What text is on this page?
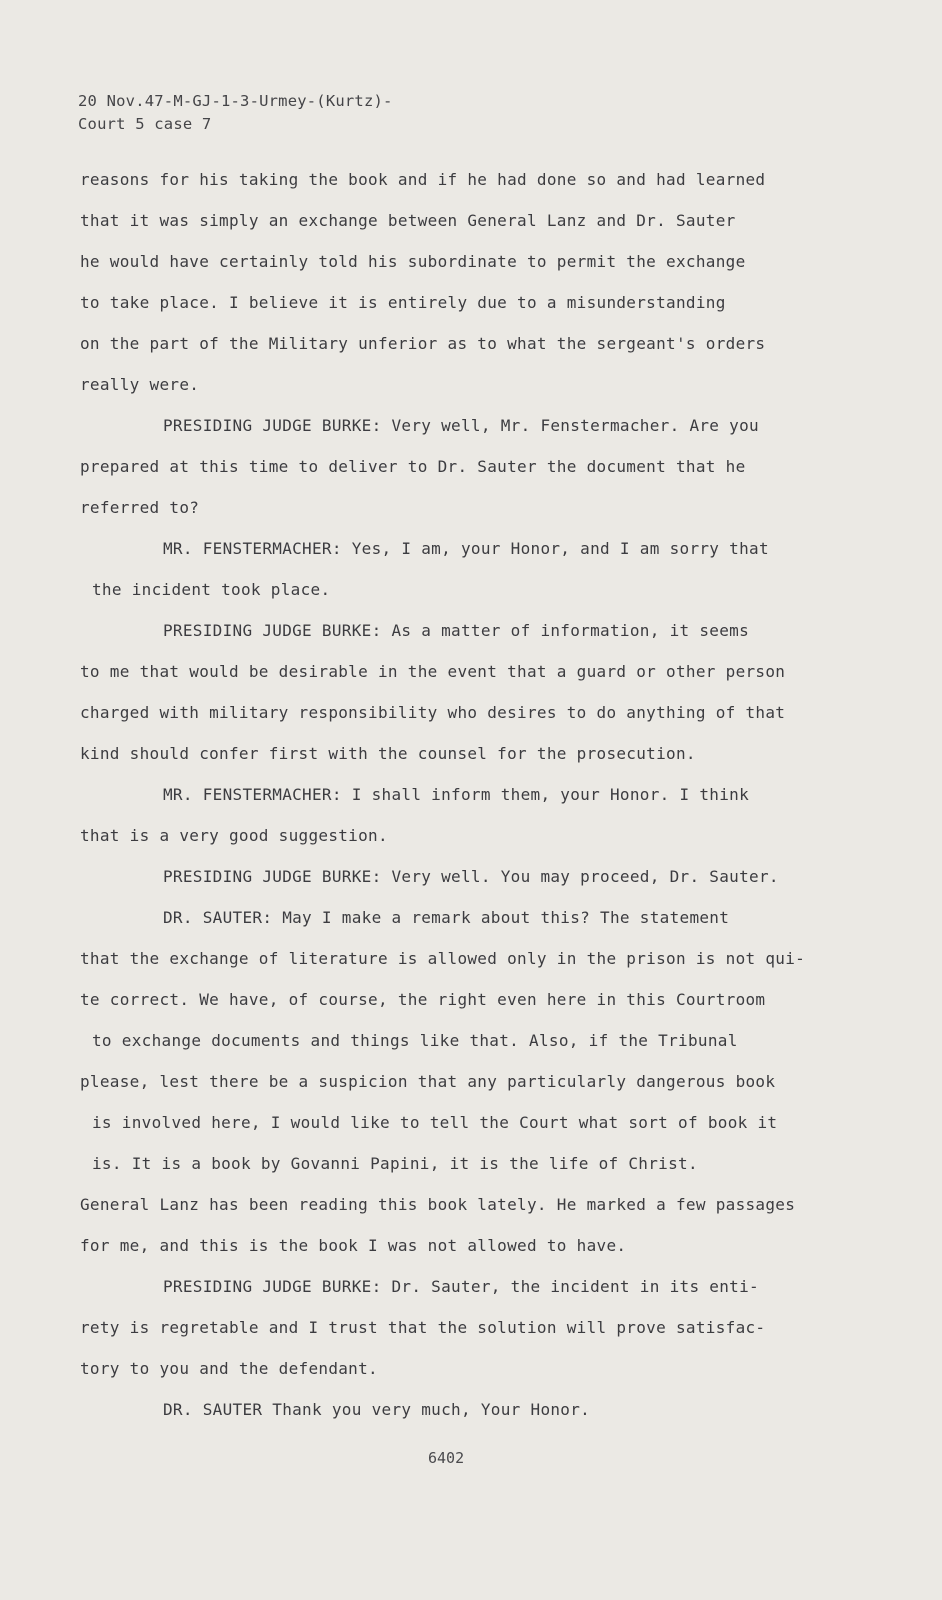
20 Nov.47-M-GJ-1-3-Urmey-(Kurtz)-
Court 5 case 7
reasons for his taking the book and if he had done so and had learned
that it was simply an exchange between General Lanz and Dr. Sauter
he would have certainly told his subordinate to permit the exchange
to take place. I believe it is entirely due to a misunderstanding
on the part of the Military unferior as to what the sergeant's orders
really were.
PRESIDING JUDGE BURKE: Very well, Mr. Fenstermacher. Are you
prepared at this time to deliver to Dr. Sauter the document that he
referred to?
MR. FENSTERMACHER: Yes, I am, your Honor, and I am sorry that
the incident took place.
PRESIDING JUDGE BURKE: As a matter of information, it seems
to me that would be desirable in the event that a guard or other person
charged with military responsibility who desires to do anything of that
kind should confer first with the counsel for the prosecution.
MR. FENSTERMACHER: I shall inform them, your Honor. I think
that is a very good suggestion.
PRESIDING JUDGE BURKE: Very well. You may proceed, Dr. Sauter.
DR. SAUTER: May I make a remark about this? The statement
that the exchange of literature is allowed only in the prison is not qui-
te correct. We have, of course, the right even here in this Courtroom
to exchange documents and things like that. Also, if the Tribunal
please, lest there be a suspicion that any particularly dangerous book
is involved here, I would like to tell the Court what sort of book it
is. It is a book by Govanni Papini, it is the life of Christ.
General Lanz has been reading this book lately. He marked a few passages
for me, and this is the book I was not allowed to have.
PRESIDING JUDGE BURKE: Dr. Sauter, the incident in its enti-
rety is regretable and I trust that the solution will prove satisfac-
tory to you and the defendant.
DR. SAUTER Thank you very much, Your Honor.
6402
